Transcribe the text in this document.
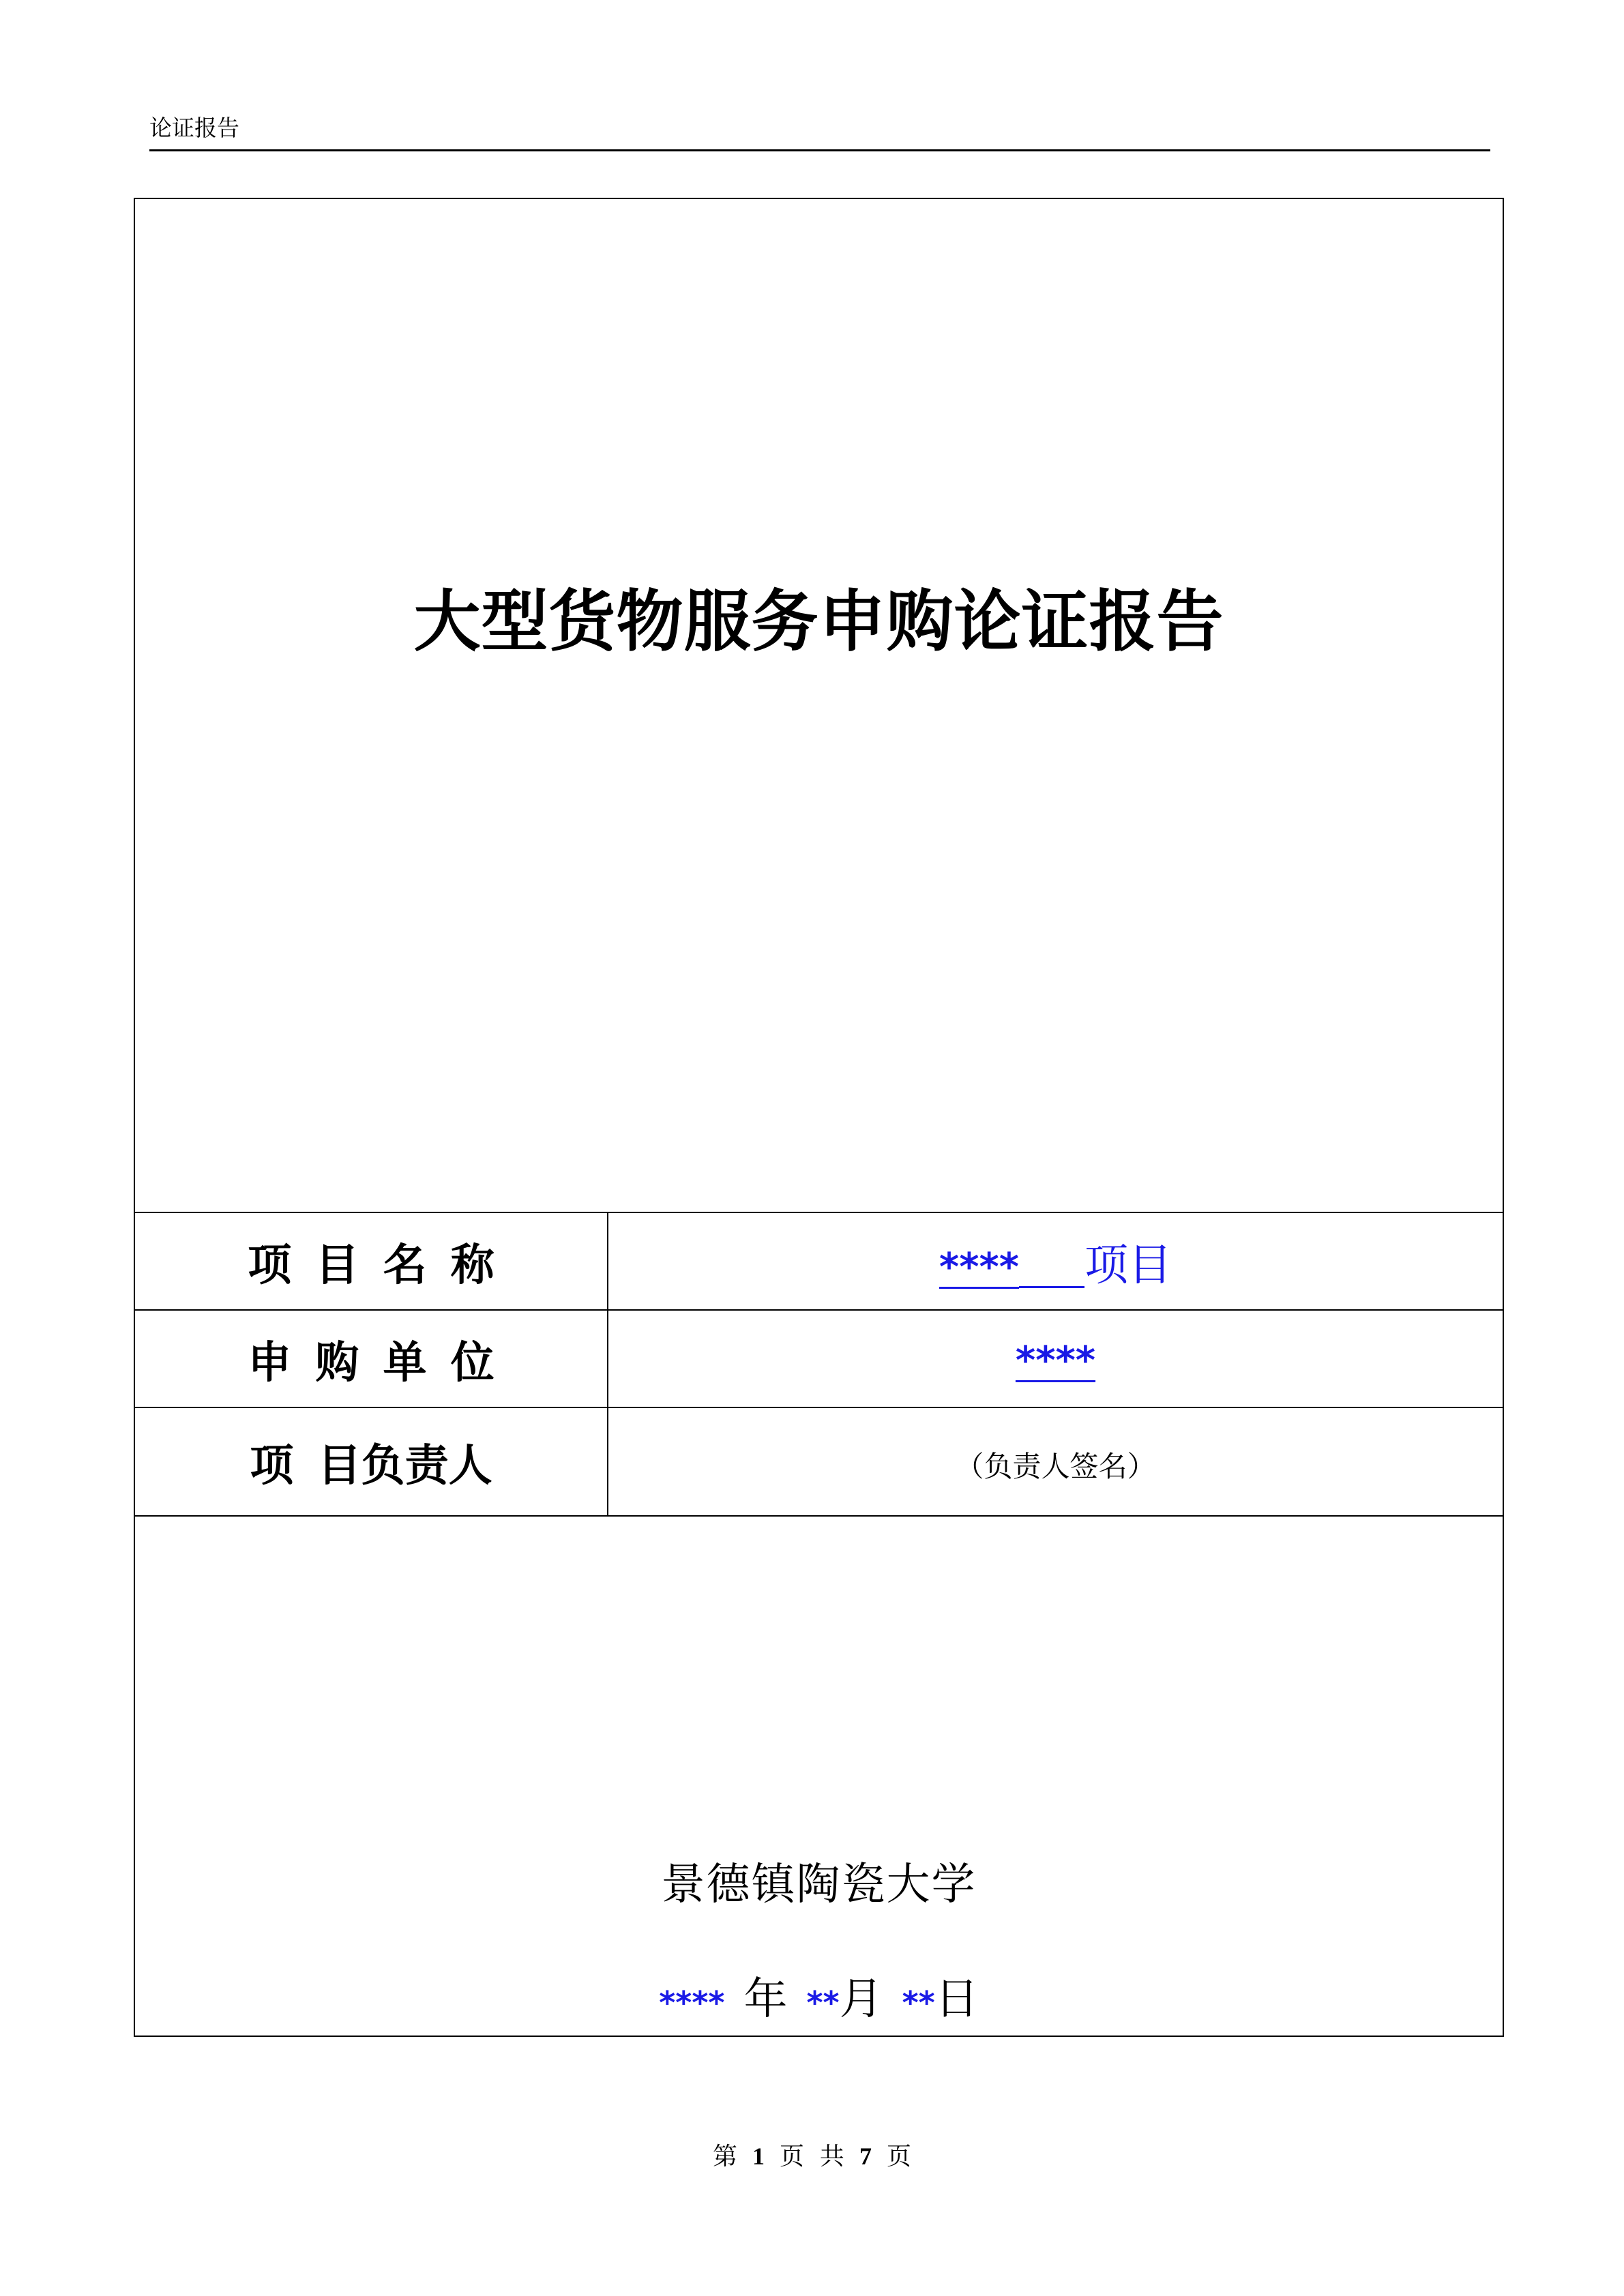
论证报告
大型货物服务申购论证报告
项目名称	**** 项目
申购单位	****
项 目负责人	（负责人签名）
景德镇陶瓷大学
**** 年 **月 **日
第 1 页  共 7 页
